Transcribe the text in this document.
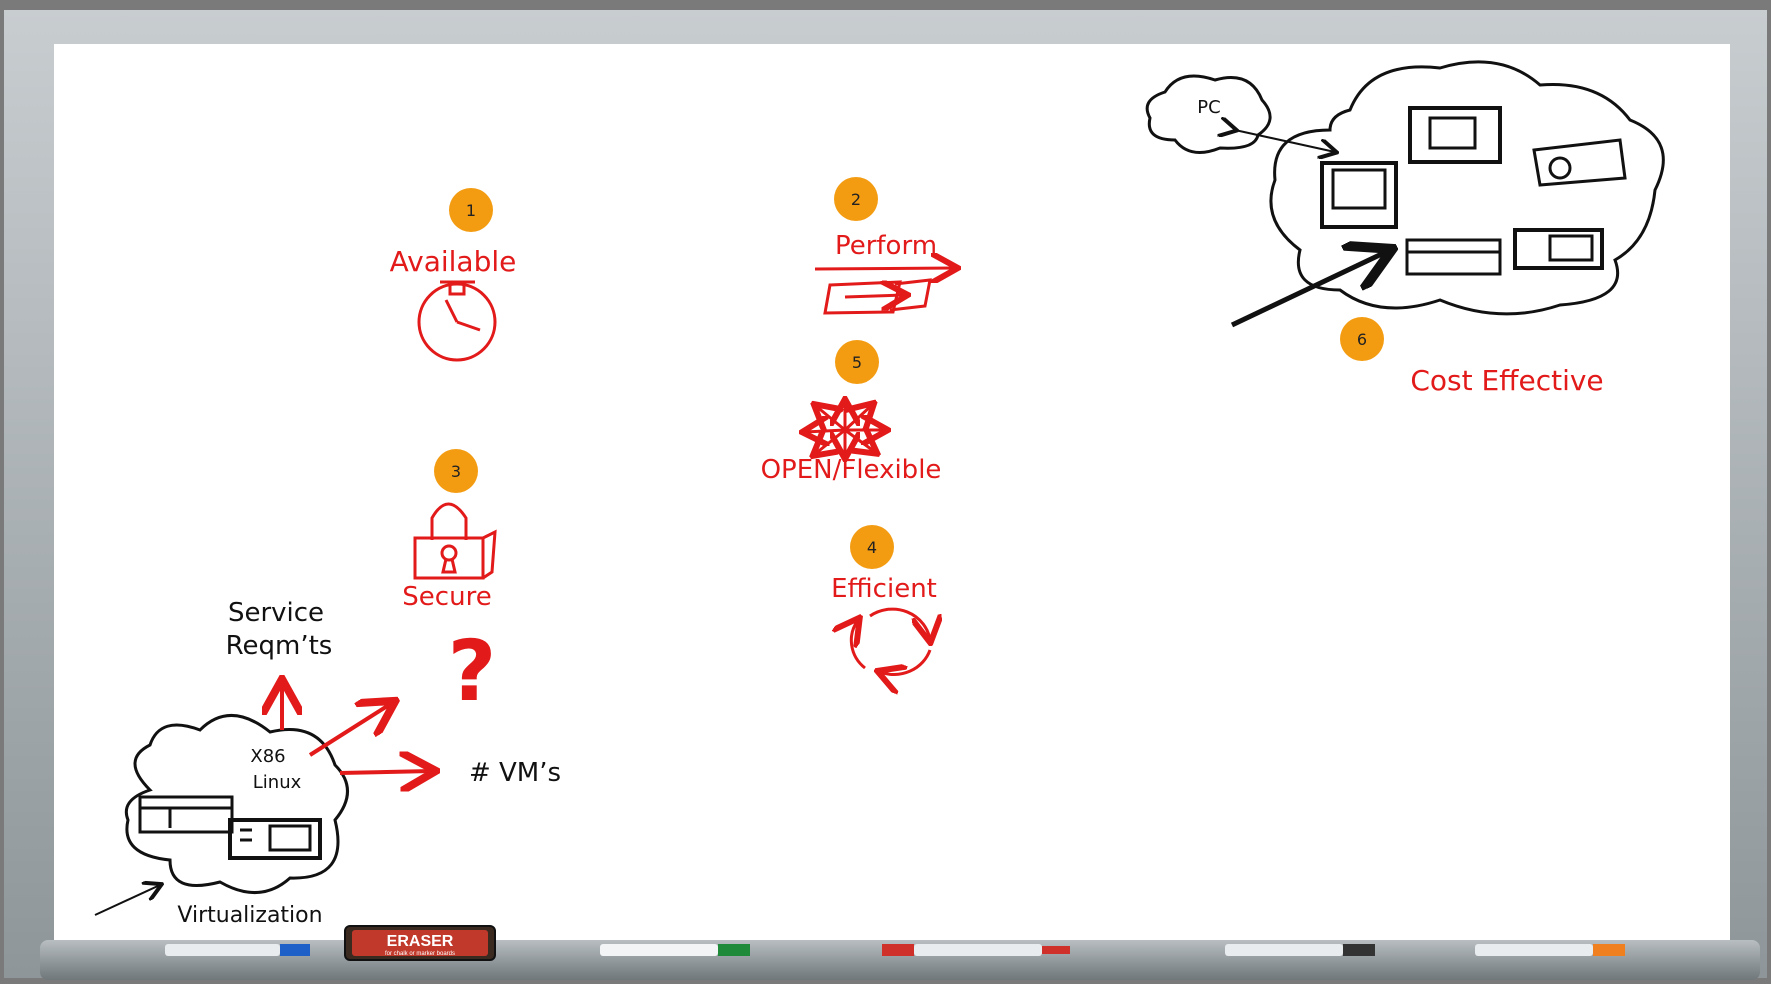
ERASER
for chalk or marker boards
1
Available
2
Perform
5
OPEN/Flexible
3
Secure
4
Efficient
?
Service
Reqm’ts
# VM’s
X86
Linux
Virtualization
PC
6
Cost Effective
